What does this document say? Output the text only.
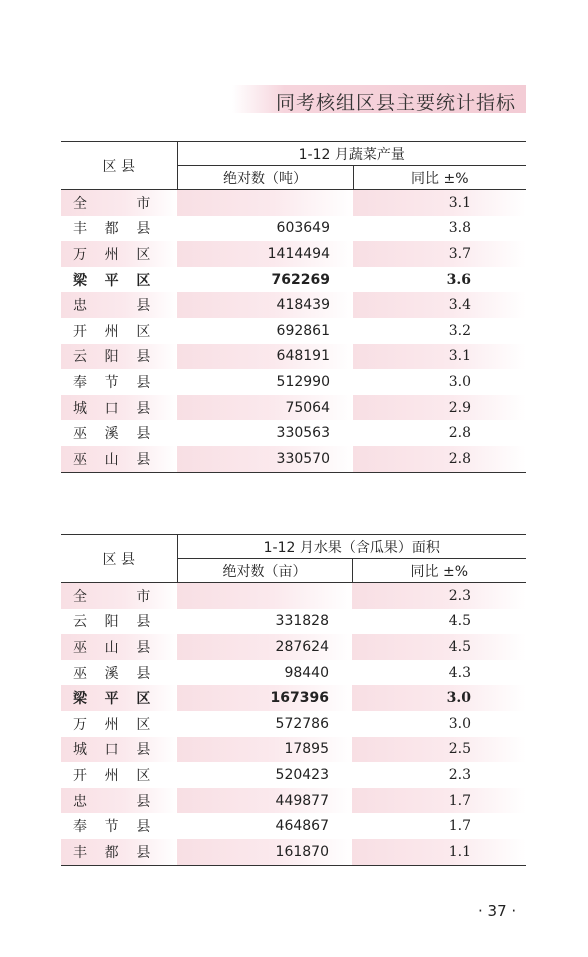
同考核组区县主要统计指标
区 县	1-12 月蔬菜产量	
	绝对数（吨）	同比 ±%

全 市		3.1

丰 都 县	603649	3.8

万 州 区	1414494	3.7

梁 平 区	762269	3.6

忠 县	418439	3.4

开 州 区	692861	3.2

云 阳 县	648191	3.1

奉 节 县	512990	3.0

城 口 县	75064	2.9

巫 溪 县	330563	2.8

巫 山 县	330570	2.8
区 县	1-12 月水果（含瓜果）面积	
	绝对数（亩）	同比 ±%

全 市		2.3

云 阳 县	331828	4.5

巫 山 县	287624	4.5

巫 溪 县	98440	4.3

梁 平 区	167396	3.0

万 州 区	572786	3.0

城 口 县	17895	2.5

开 州 区	520423	2.3

忠 县	449877	1.7

奉 节 县	464867	1.7

丰 都 县	161870	1.1
· 37 ·
